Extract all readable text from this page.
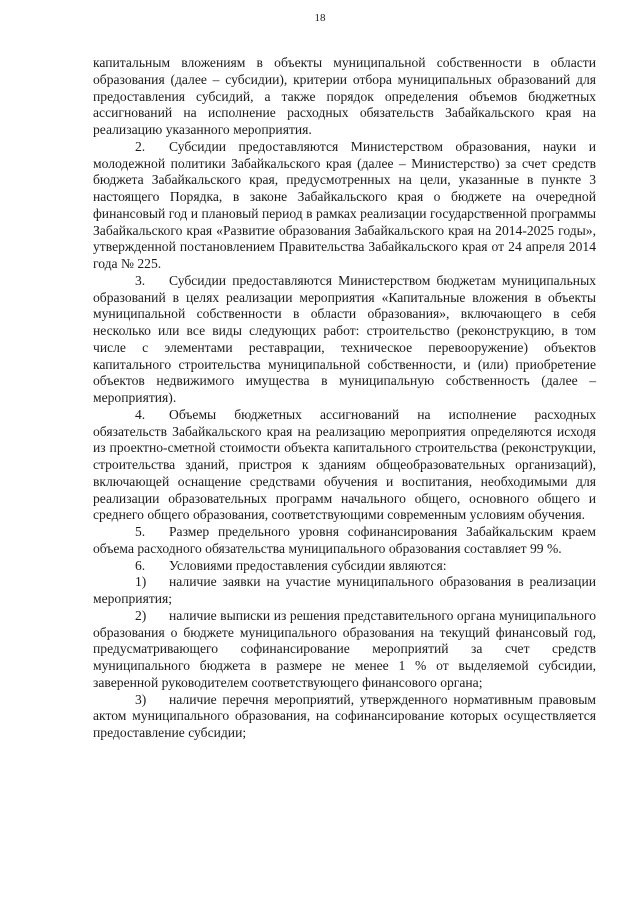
18

капитальным вложениям в объекты муниципальной собственности в области образования (далее – субсидии), критерии отбора муниципальных образований для предоставления субсидий, а также порядок определения объемов бюджетных ассигнований на исполнение расходных обязательств Забайкальского края на реализацию указанного мероприятия.

2. Субсидии предоставляются Министерством образования, науки и молодежной политики Забайкальского края (далее – Министерство) за счет средств бюджета Забайкальского края, предусмотренных на цели, указанные в пункте 3 настоящего Порядка, в законе Забайкальского края о бюджете на очередной финансовый год и плановый период в рамках реализации государственной программы Забайкальского края «Развитие образования Забайкальского края на 2014-2025 годы», утвержденной постановлением Правительства Забайкальского края от 24 апреля 2014 года № 225.

3. Субсидии предоставляются Министерством бюджетам муниципальных образований в целях реализации мероприятия «Капитальные вложения в объекты муниципальной собственности в области образования», включающего в себя несколько или все виды следующих работ: строительство (реконструкцию, в том числе с элементами реставрации, техническое перевооружение) объектов капитального строительства муниципальной собственности, и (или) приобретение объектов недвижимого имущества в муниципальную собственность (далее – мероприятия).

4. Объемы бюджетных ассигнований на исполнение расходных обязательств Забайкальского края на реализацию мероприятия определяются исходя из проектно-сметной стоимости объекта капитального строительства (реконструкции, строительства зданий, пристроя к зданиям общеобразовательных организаций), включающей оснащение средствами обучения и воспитания, необходимыми для реализации образовательных программ начального общего, основного общего и среднего общего образования, соответствующими современным условиям обучения.

5. Размер предельного уровня софинансирования Забайкальским краем объема расходного обязательства муниципального образования составляет 99 %.

6. Условиями предоставления субсидии являются:

1) наличие заявки на участие муниципального образования в реализации мероприятия;

2) наличие выписки из решения представительного органа муниципального образования о бюджете муниципального образования на текущий финансовый год, предусматривающего софинансирование мероприятий за счет средств муниципального бюджета в размере не менее 1 % от выделяемой субсидии, заверенной руководителем соответствующего финансового органа;

3) наличие перечня мероприятий, утвержденного нормативным правовым актом муниципального образования, на софинансирование которых осуществляется предоставление субсидии;
